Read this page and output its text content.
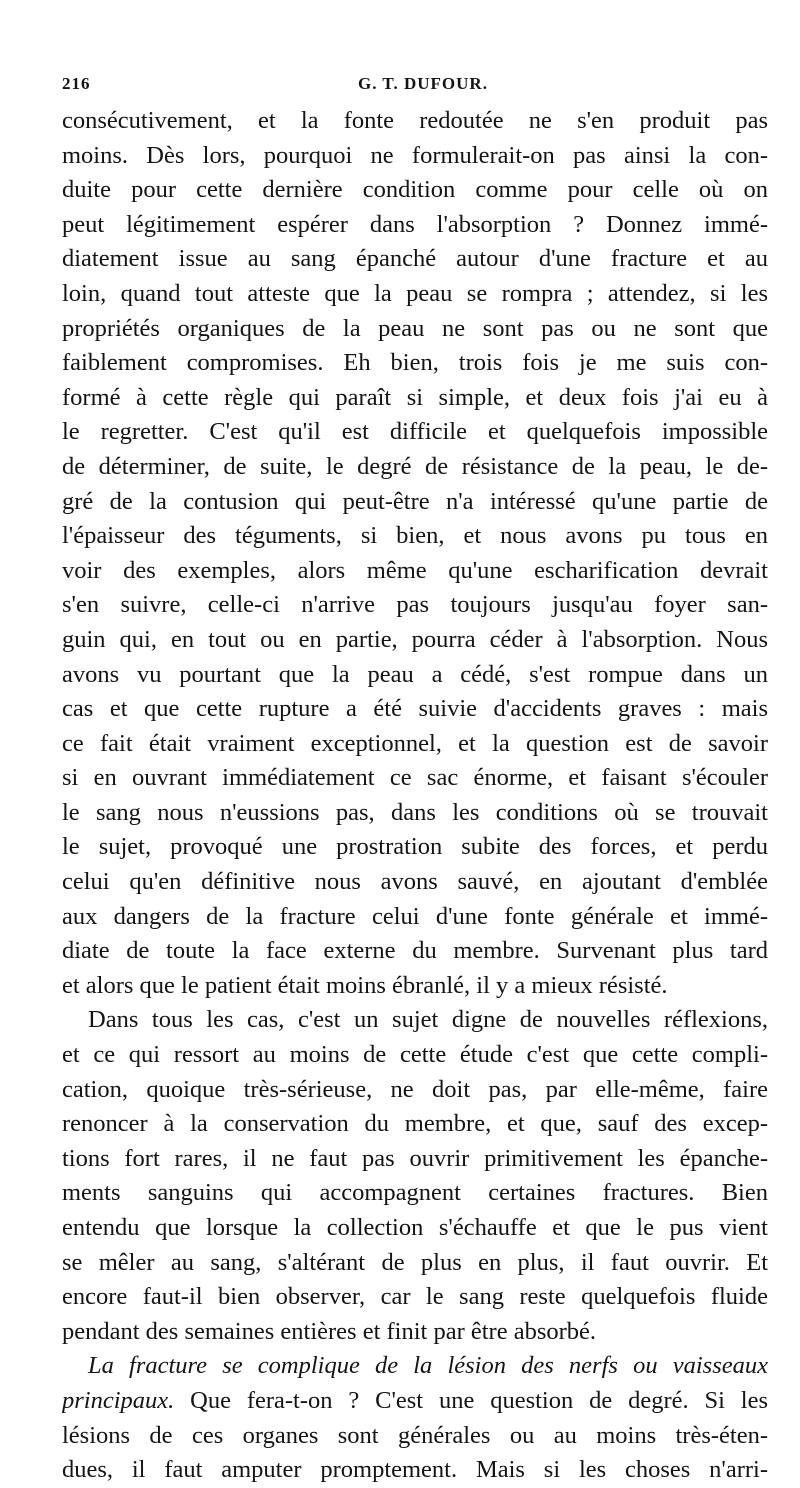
216	G. T. DUFOUR.
consécutivement, et la fonte redoutée ne s'en produit pas
moins. Dès lors, pourquoi ne formulerait-on pas ainsi la con-
duite pour cette dernière condition comme pour celle où on
peut légitimement espérer dans l'absorption ? Donnez immé-
diatement issue au sang épanché autour d'une fracture et au
loin, quand tout atteste que la peau se rompra ; attendez, si les
propriétés organiques de la peau ne sont pas ou ne sont que
faiblement compromises. Eh bien, trois fois je me suis con-
formé à cette règle qui paraît si simple, et deux fois j'ai eu à
le regretter. C'est qu'il est difficile et quelquefois impossible
de déterminer, de suite, le degré de résistance de la peau, le de-
gré de la contusion qui peut-être n'a intéressé qu'une partie de
l'épaisseur des téguments, si bien, et nous avons pu tous en
voir des exemples, alors même qu'une escharification devrait
s'en suivre, celle-ci n'arrive pas toujours jusqu'au foyer san-
guin qui, en tout ou en partie, pourra céder à l'absorption. Nous
avons vu pourtant que la peau a cédé, s'est rompue dans un
cas et que cette rupture a été suivie d'accidents graves : mais
ce fait était vraiment exceptionnel, et la question est de savoir
si en ouvrant immédiatement ce sac énorme, et faisant s'écouler
le sang nous n'eussions pas, dans les conditions où se trouvait
le sujet, provoqué une prostration subite des forces, et perdu
celui qu'en définitive nous avons sauvé, en ajoutant d'emblée
aux dangers de la fracture celui d'une fonte générale et immé-
diate de toute la face externe du membre. Survenant plus tard
et alors que le patient était moins ébranlé, il y a mieux résisté.
Dans tous les cas, c'est un sujet digne de nouvelles réflexions,
et ce qui ressort au moins de cette étude c'est que cette compli-
cation, quoique très-sérieuse, ne doit pas, par elle-même, faire
renoncer à la conservation du membre, et que, sauf des excep-
tions fort rares, il ne faut pas ouvrir primitivement les épanche-
ments sanguins qui accompagnent certaines fractures. Bien
entendu que lorsque la collection s'échauffe et que le pus vient
se mêler au sang, s'altérant de plus en plus, il faut ouvrir. Et
encore faut-il bien observer, car le sang reste quelquefois fluide
pendant des semaines entières et finit par être absorbé.
La fracture se complique de la lésion des nerfs ou vaisseaux
principaux. Que fera-t-on ? C'est une question de degré. Si les
lésions de ces organes sont générales ou au moins très-éten-
dues, il faut amputer promptement. Mais si les choses n'arri-
